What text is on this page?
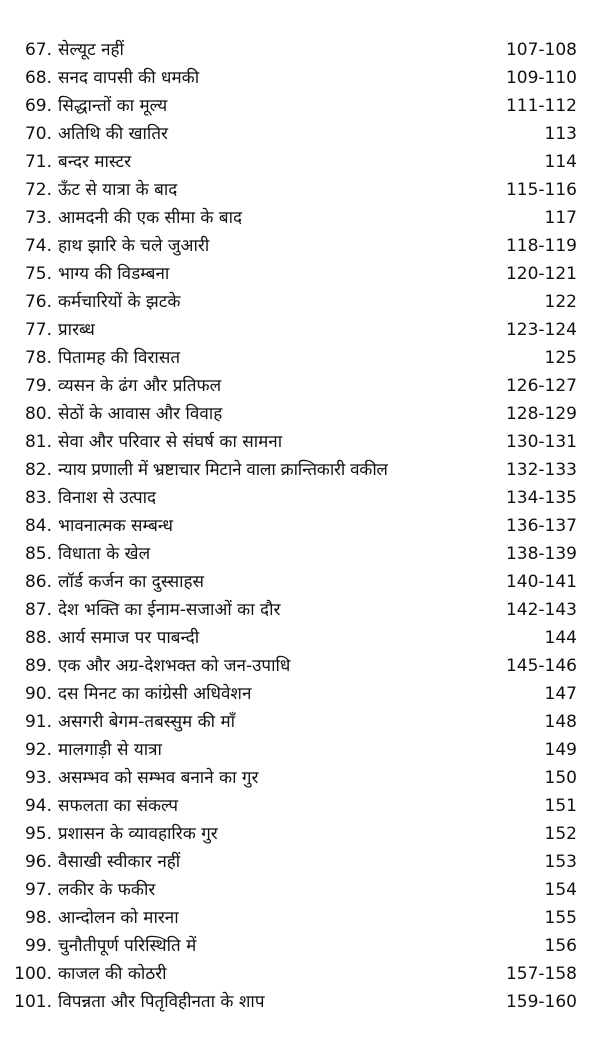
67. सेल्यूट नहीं	107-108
68. सनद वापसी की धमकी	109-110
69. सिद्धान्तों का मूल्य	111-112
70. अतिथि की खातिर	113
71. बन्दर मास्टर	114
72. ऊँट से यात्रा के बाद	115-116
73. आमदनी की एक सीमा के बाद	117
74. हाथ झारि के चले जुआरी	118-119
75. भाग्य की विडम्बना	120-121
76. कर्मचारियों के झटके	122
77. प्रारब्ध	123-124
78. पितामह की विरासत	125
79. व्यसन के ढंग और प्रतिफल	126-127
80. सेठों के आवास और विवाह	128-129
81. सेवा और परिवार से संघर्ष का सामना	130-131
82. न्याय प्रणाली में भ्रष्टाचार मिटाने वाला क्रान्तिकारी वकील	132-133
83. विनाश से उत्पाद	134-135
84. भावनात्मक सम्बन्ध	136-137
85. विधाता के खेल	138-139
86. लॉर्ड कर्जन का दुस्साहस	140-141
87. देश भक्ति का ईनाम-सजाओं का दौर	142-143
88. आर्य समाज पर पाबन्दी	144
89. एक और अग्र-देशभक्त को जन-उपाधि	145-146
90. दस मिनट का कांग्रेसी अधिवेशन	147
91. असगरी बेगम-तबस्सुम की माँ	148
92. मालगाड़ी से यात्रा	149
93. असम्भव को सम्भव बनाने का गुर	150
94. सफलता का संकल्प	151
95. प्रशासन के व्यावहारिक गुर	152
96. वैसाखी स्वीकार नहीं	153
97. लकीर के फकीर	154
98. आन्दोलन को मारना	155
99. चुनौतीपूर्ण परिस्थिति में	156
100. काजल की कोठरी	157-158
101. विपन्नता और पितृविहीनता के शाप	159-160
